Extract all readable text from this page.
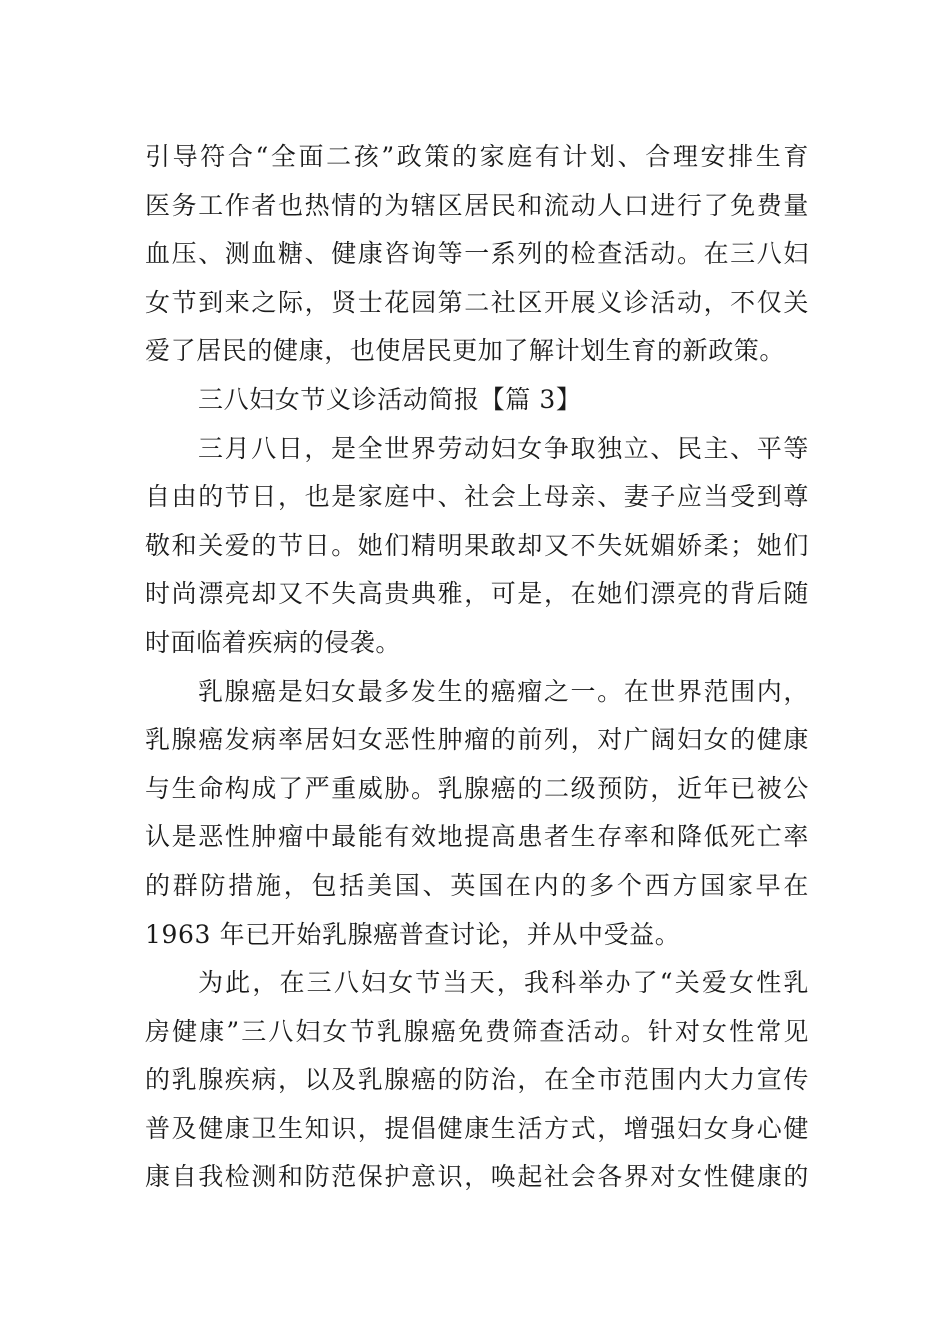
引导符合“全面二孩”政策的家庭有计划、合理安排生育
医务工作者也热情的为辖区居民和流动人口进行了免费量
血压、测血糖、健康咨询等一系列的检查活动。在三八妇
女节到来之际，贤士花园第二社区开展义诊活动，不仅关
爱了居民的健康，也使居民更加了解计划生育的新政策。
三八妇女节义诊活动简报【篇 3】
三月八日，是全世界劳动妇女争取独立、民主、平等
自由的节日，也是家庭中、社会上母亲、妻子应当受到尊
敬和关爱的节日。她们精明果敢却又不失妩媚娇柔；她们
时尚漂亮却又不失高贵典雅，可是，在她们漂亮的背后随
时面临着疾病的侵袭。
乳腺癌是妇女最多发生的癌瘤之一。在世界范围内，
乳腺癌发病率居妇女恶性肿瘤的前列，对广阔妇女的健康
与生命构成了严重威胁。乳腺癌的二级预防，近年已被公
认是恶性肿瘤中最能有效地提高患者生存率和降低死亡率
的群防措施，包括美国、英国在内的多个西方国家早在
1963 年已开始乳腺癌普查讨论，并从中受益。
为此，在三八妇女节当天，我科举办了“关爱女性乳
房健康”三八妇女节乳腺癌免费筛查活动。针对女性常见
的乳腺疾病，以及乳腺癌的防治，在全市范围内大力宣传
普及健康卫生知识，提倡健康生活方式，增强妇女身心健
康自我检测和防范保护意识，唤起社会各界对女性健康的
